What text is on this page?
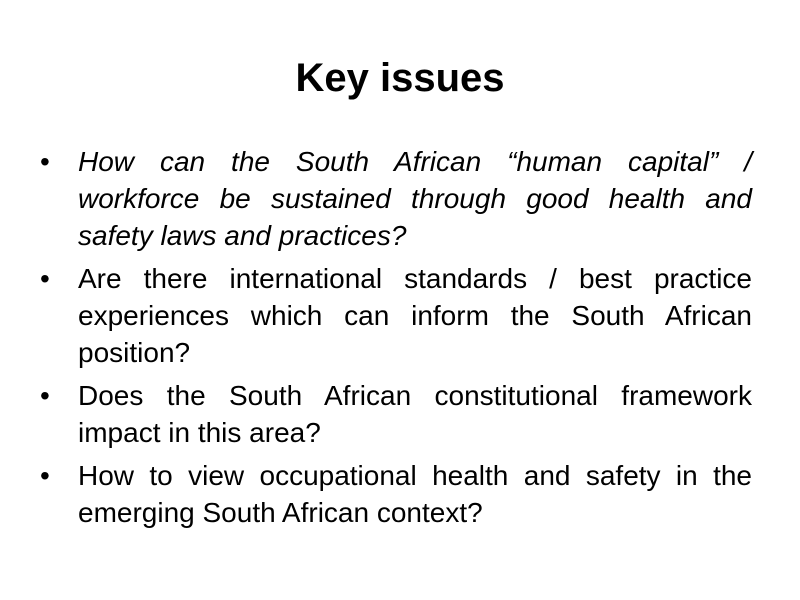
Key issues
•	How can the South African “human capital” / workforce be sustained through good health and safety laws and practices?
•	Are there international standards / best practice experiences which can inform the South African position?
•	Does the South African constitutional framework impact in this area?
•	How to view occupational health and safety in the emerging South African context?
